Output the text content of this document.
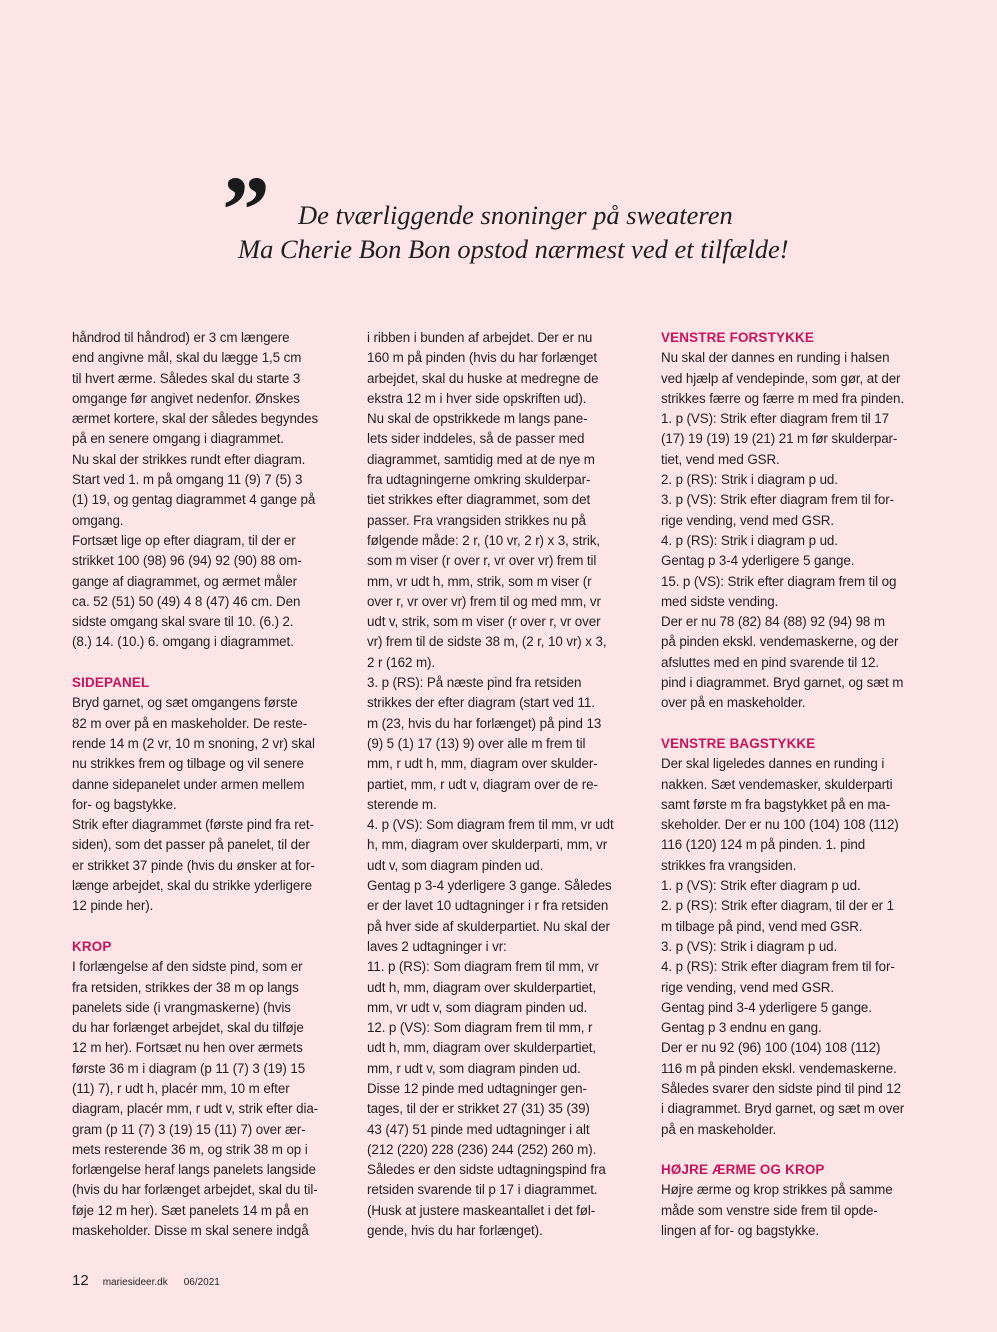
” De tværliggende snoninger på sweateren
Ma Cherie Bon Bon opstod nærmest ved et tilfælde!

håndrod til håndrod) er 3 cm længere

end angivne mål, skal du lægge 1,5 cm

til hvert ærme. Således skal du starte 3

omgange før angivet nedenfor. Ønskes

ærmet kortere, skal der således begyndes

på en senere omgang i diagrammet.

Nu skal der strikkes rundt efter diagram.

Start ved 1. m på omgang 11 (9) 7 (5) 3

(1) 19, og gentag diagrammet 4 gange på

omgang.

Fortsæt lige op efter diagram, til der er

strikket 100 (98) 96 (94) 92 (90) 88 om-

gange af diagrammet, og ærmet måler

ca. 52 (51) 50 (49) 4 8 (47) 46 cm. Den

sidste omgang skal svare til 10. (6.) 2.

(8.) 14. (10.) 6. omgang i diagrammet.

SIDEPANEL

Bryd garnet, og sæt omgangens første

82 m over på en maskeholder. De reste-

rende 14 m (2 vr, 10 m snoning, 2 vr) skal

nu strikkes frem og tilbage og vil senere

danne sidepanelet under armen mellem

for- og bagstykke.

Strik efter diagrammet (første pind fra ret-

siden), som det passer på panelet, til der

er strikket 37 pinde (hvis du ønsker at for-

længe arbejdet, skal du strikke yderligere

12 pinde her).

KROP

I forlængelse af den sidste pind, som er

fra retsiden, strikkes der 38 m op langs

panelets side (i vrangmaskerne) (hvis

du har forlænget arbejdet, skal du tilføje

12 m her). Fortsæt nu hen over ærmets

første 36 m i diagram (p 11 (7) 3 (19) 15

(11) 7), r udt h, placér mm, 10 m efter

diagram, placér mm, r udt v, strik efter dia-

gram (p 11 (7) 3 (19) 15 (11) 7) over ær-

mets resterende 36 m, og strik 38 m op i

forlængelse heraf langs panelets langside

(hvis du har forlænget arbejdet, skal du til-

føje 12 m her). Sæt panelets 14 m på en

maskeholder. Disse m skal senere indgå

i ribben i bunden af arbejdet. Der er nu

160 m på pinden (hvis du har forlænget

arbejdet, skal du huske at medregne de

ekstra 12 m i hver side opskriften ud).

Nu skal de opstrikkede m langs pane-

lets sider inddeles, så de passer med

diagrammet, samtidig med at de nye m

fra udtagningerne omkring skulderpar-

tiet strikkes efter diagrammet, som det

passer. Fra vrangsiden strikkes nu på

følgende måde: 2 r, (10 vr, 2 r) x 3, strik,

som m viser (r over r, vr over vr) frem til

mm, vr udt h, mm, strik, som m viser (r

over r, vr over vr) frem til og med mm, vr

udt v, strik, som m viser (r over r, vr over

vr) frem til de sidste 38 m, (2 r, 10 vr) x 3,

2 r (162 m).

3. p (RS): På næste pind fra retsiden

strikkes der efter diagram (start ved 11.

m (23, hvis du har forlænget) på pind 13

(9) 5 (1) 17 (13) 9) over alle m frem til

mm, r udt h, mm, diagram over skulder-

partiet, mm, r udt v, diagram over de re-

sterende m.

4. p (VS): Som diagram frem til mm, vr udt

h, mm, diagram over skulderparti, mm, vr

udt v, som diagram pinden ud.

Gentag p 3-4 yderligere 3 gange. Således

er der lavet 10 udtagninger i r fra retsiden

på hver side af skulderpartiet. Nu skal der

laves 2 udtagninger i vr:

11. p (RS): Som diagram frem til mm, vr

udt h, mm, diagram over skulderpartiet,

mm, vr udt v, som diagram pinden ud.

12. p (VS): Som diagram frem til mm, r

udt h, mm, diagram over skulderpartiet,

mm, r udt v, som diagram pinden ud.

Disse 12 pinde med udtagninger gen-

tages, til der er strikket 27 (31) 35 (39)

43 (47) 51 pinde med udtagninger i alt

(212 (220) 228 (236) 244 (252) 260 m).

Således er den sidste udtagningspind fra

retsiden svarende til p 17 i diagrammet.

(Husk at justere maskeantallet i det føl-

gende, hvis du har forlænget).

VENSTRE FORSTYKKE

Nu skal der dannes en runding i halsen

ved hjælp af vendepinde, som gør, at der

strikkes færre og færre m med fra pinden.

1. p (VS): Strik efter diagram frem til 17

(17) 19 (19) 19 (21) 21 m før skulderpar-

tiet, vend med GSR.

2. p (RS): Strik i diagram p ud.

3. p (VS): Strik efter diagram frem til for-

rige vending, vend med GSR.

4. p (RS): Strik i diagram p ud.

Gentag p 3-4 yderligere 5 gange.

15. p (VS): Strik efter diagram frem til og

med sidste vending.

Der er nu 78 (82) 84 (88) 92 (94) 98 m

på pinden ekskl. vendemaskerne, og der

afsluttes med en pind svarende til 12.

pind i diagrammet. Bryd garnet, og sæt m

over på en maskeholder.

VENSTRE BAGSTYKKE

Der skal ligeledes dannes en runding i

nakken. Sæt vendemasker, skulderparti

samt første m fra bagstykket på en ma-

skeholder. Der er nu 100 (104) 108 (112)

116 (120) 124 m på pinden. 1. pind

strikkes fra vrangsiden.

1. p (VS): Strik efter diagram p ud.

2. p (RS): Strik efter diagram, til der er 1

m tilbage på pind, vend med GSR.

3. p (VS): Strik i diagram p ud.

4. p (RS): Strik efter diagram frem til for-

rige vending, vend med GSR.

Gentag pind 3-4 yderligere 5 gange.

Gentag p 3 endnu en gang.

Der er nu 92 (96) 100 (104) 108 (112)

116 m på pinden ekskl. vendemaskerne.

Således svarer den sidste pind til pind 12

i diagrammet. Bryd garnet, og sæt m over

på en maskeholder.

HØJRE ÆRME OG KROP

Højre ærme og krop strikkes på samme

måde som venstre side frem til opde-

lingen af for- og bagstykke.

12 mariesideer.dk 06/2021
